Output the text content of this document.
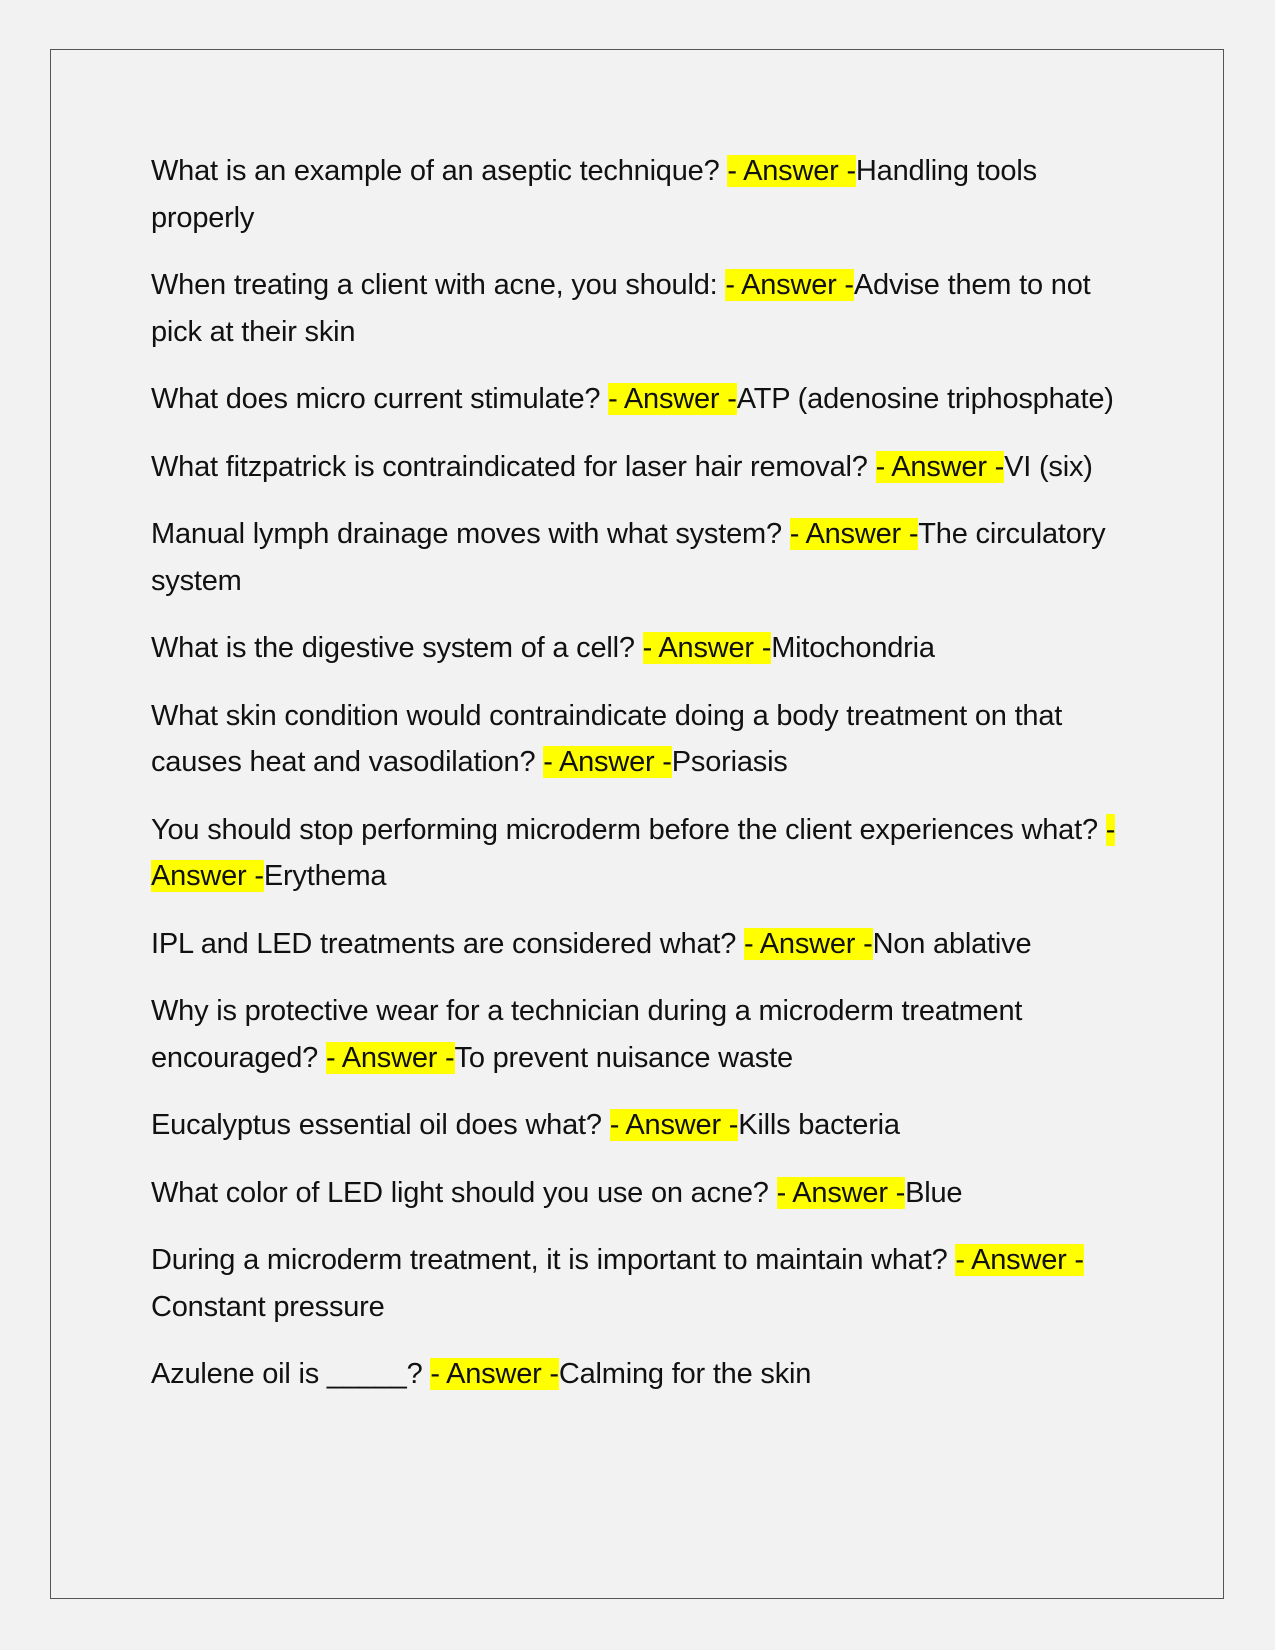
What is an example of an aseptic technique? - Answer -Handling tools properly
When treating a client with acne, you should: - Answer -Advise them to not pick at their skin
What does micro current stimulate? - Answer -ATP (adenosine triphosphate)
What fitzpatrick is contraindicated for laser hair removal? - Answer -VI (six)
Manual lymph drainage moves with what system? - Answer -The circulatory system
What is the digestive system of a cell? - Answer -Mitochondria
What skin condition would contraindicate doing a body treatment on that causes heat and vasodilation? - Answer -Psoriasis
You should stop performing microderm before the client experiences what? - Answer -Erythema
IPL and LED treatments are considered what? - Answer -Non ablative
Why is protective wear for a technician during a microderm treatment encouraged? - Answer -To prevent nuisance waste
Eucalyptus essential oil does what? - Answer -Kills bacteria
What color of LED light should you use on acne? - Answer -Blue
During a microderm treatment, it is important to maintain what? - Answer -Constant pressure
Azulene oil is _____? - Answer -Calming for the skin
